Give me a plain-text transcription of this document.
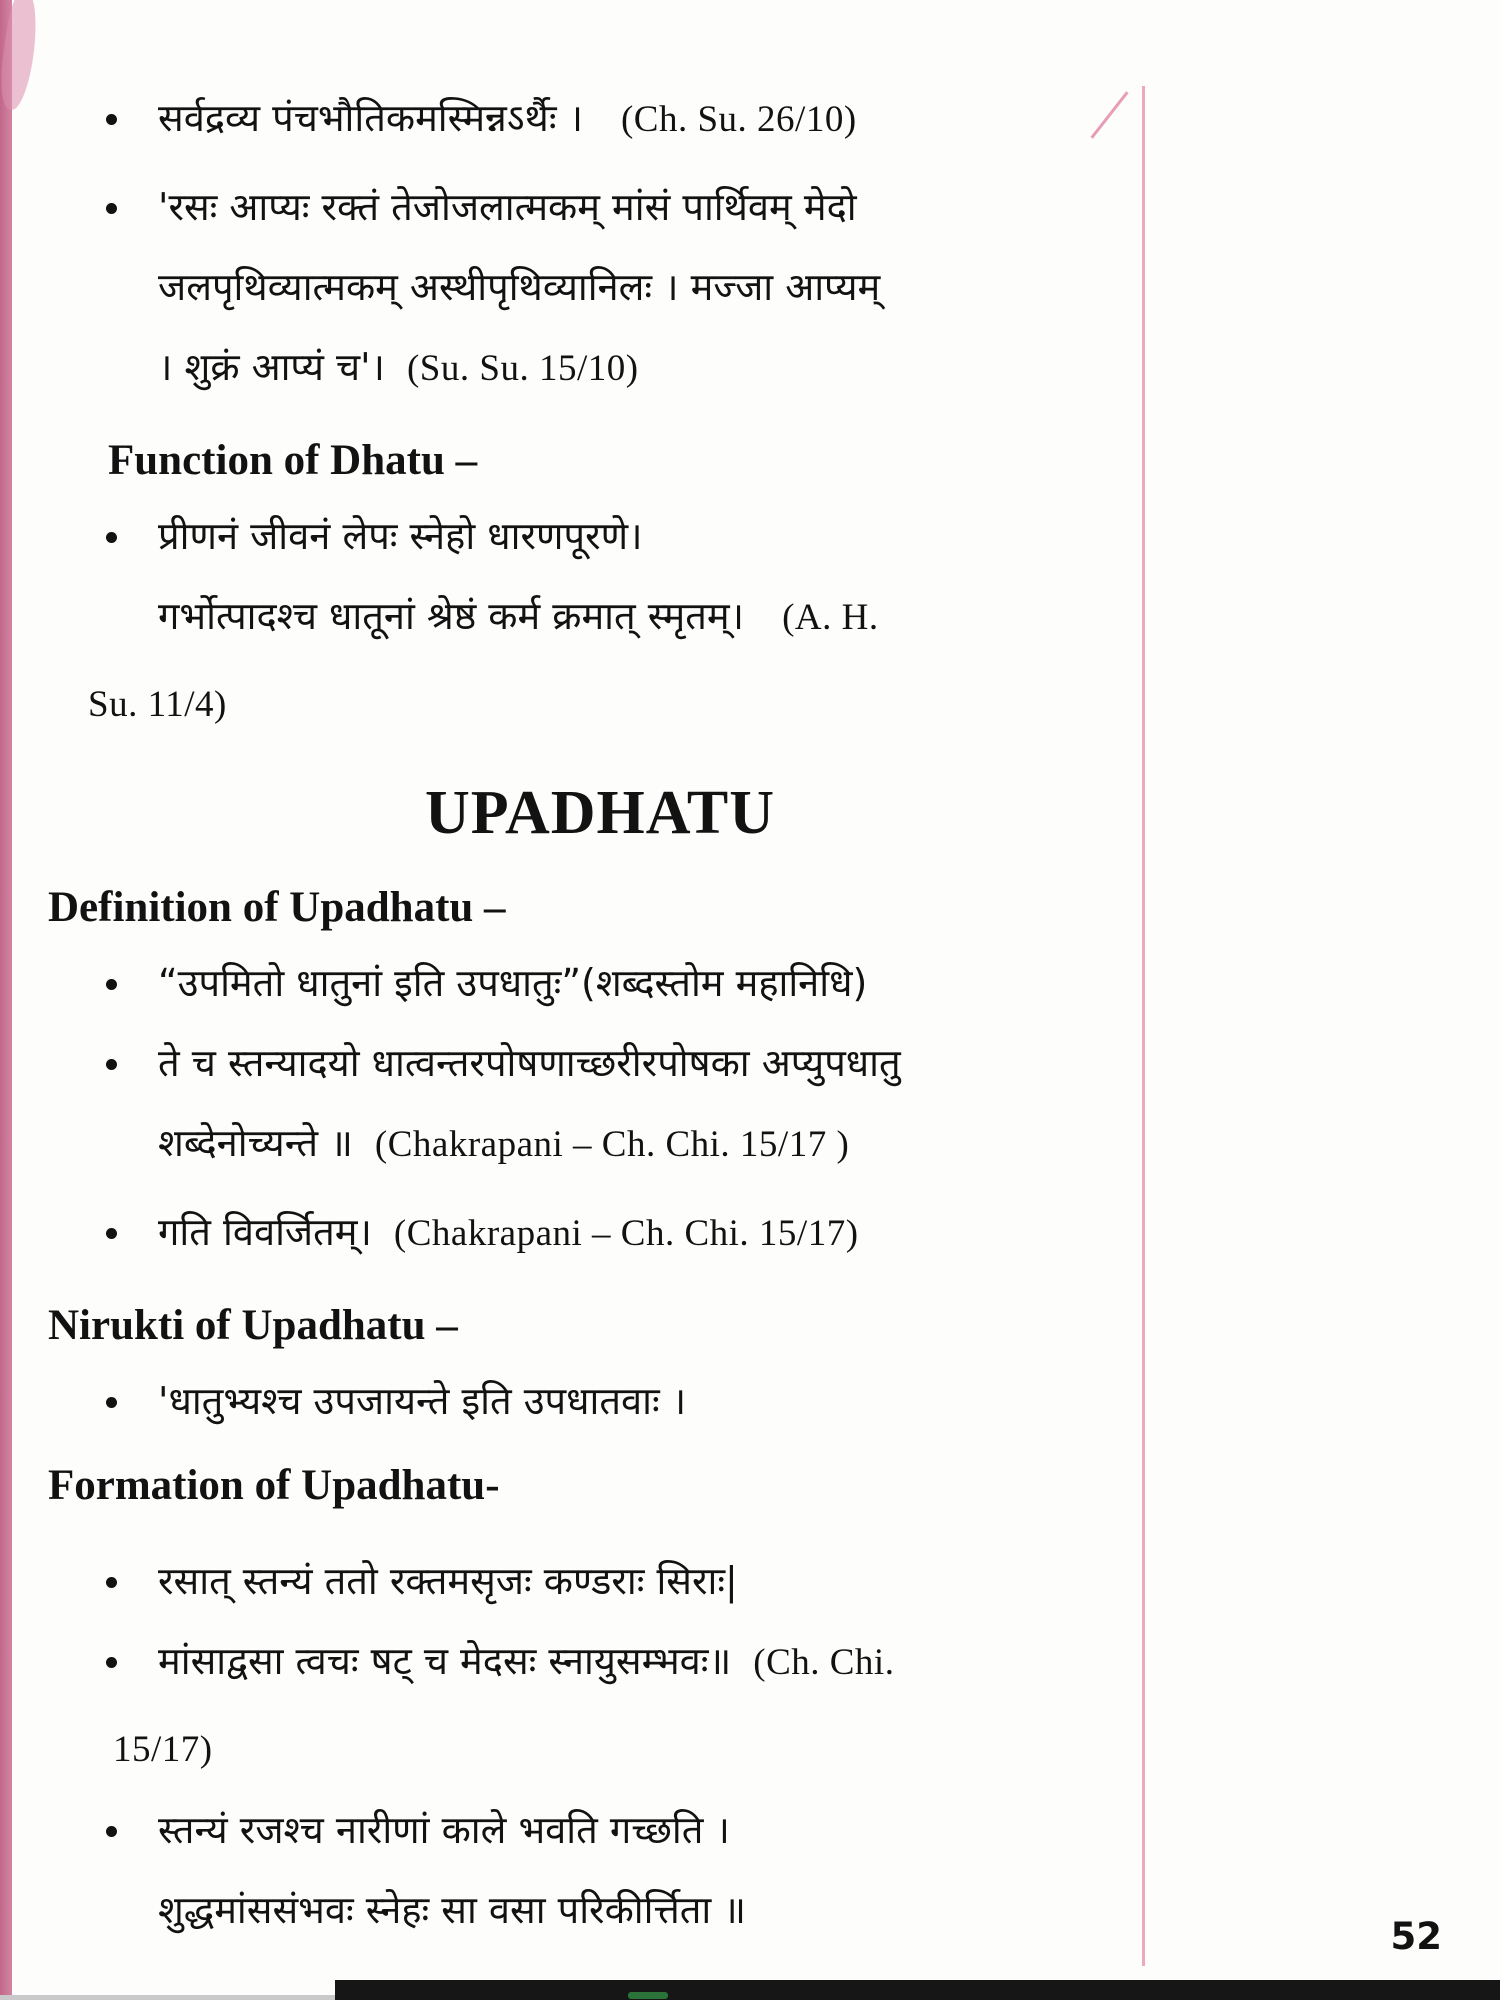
सर्वद्रव्य पंचभौतिकमस्मिन्नऽर्थैः । (Ch. Su. 26/10)
'रसः आप्यः रक्तं तेजोजलात्मकम् मांसं पार्थिवम् मेदो
जलपृथिव्यात्मकम् अस्थीपृथिव्यानिलः । मज्जा आप्यम्
। शुक्रं आप्यं च'। (Su. Su. 15/10)
Function of Dhatu –
प्रीणनं जीवनं लेपः स्नेहो धारणपूरणे।
गर्भोत्पादश्च धातूनां श्रेष्ठं कर्म क्रमात् स्मृतम्। (A. H.
Su. 11/4)
UPADHATU
Definition of Upadhatu –
“उपमितो धातुनां इति उपधातुः”(शब्दस्तोम महानिधि)
ते च स्तन्यादयो धात्वन्तरपोषणाच्छरीरपोषका अप्युपधातु
शब्देनोच्यन्ते ॥ (Chakrapani – Ch. Chi. 15/17 )
गति विवर्जितम्। (Chakrapani – Ch. Chi. 15/17)
Nirukti of Upadhatu –
'धातुभ्यश्च उपजायन्ते इति उपधातवाः ।
Formation of Upadhatu-
रसात् स्तन्यं ततो रक्तमसृजः कण्डराः सिराः|
मांसाद्वसा त्वचः षट् च मेदसः स्नायुसम्भवः॥ (Ch. Chi.
15/17)
स्तन्यं रजश्च नारीणां काले भवति गच्छति ।
शुद्धमांससंभवः स्नेहः सा वसा परिकीर्त्तिता ॥
52
